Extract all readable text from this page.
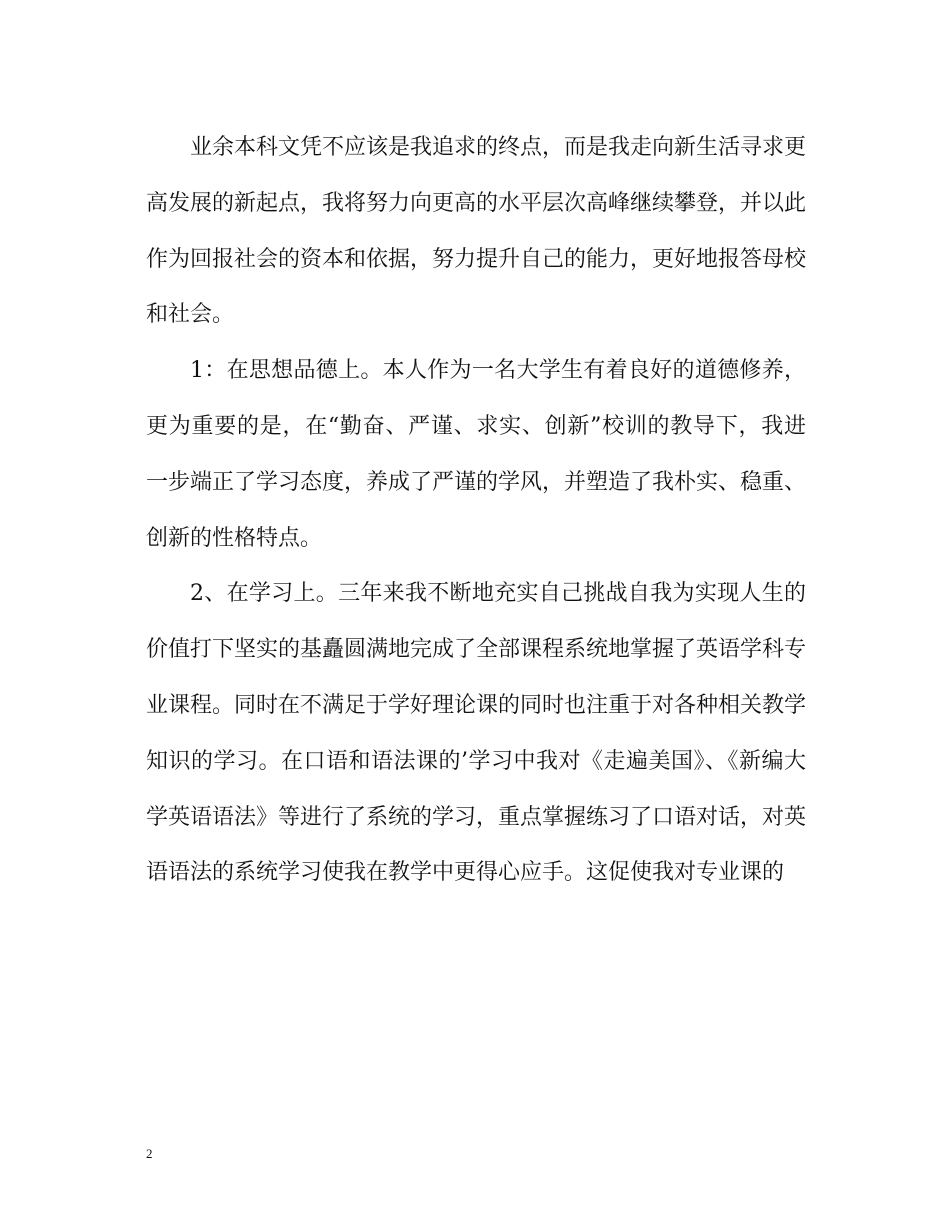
业余本科文凭不应该是我追求的终点，而是我走向新生活寻求更高发展的新起点，我将努力向更高的水平层次高峰继续攀登，并以此作为回报社会的资本和依据，努力提升自己的能力，更好地报答母校和社会。

1：在思想品德上。本人作为一名大学生有着良好的道德修养，更为重要的是，在“勤奋、严谨、求实、创新”校训的教导下，我进一步端正了学习态度，养成了严谨的学风，并塑造了我朴实、稳重、创新的性格特点。

2、在学习上。三年来我不断地充实自己挑战自我为实现人生的价值打下坚实的基矗圆满地完成了全部课程系统地掌握了英语学科专业课程。同时在不满足于学好理论课的同时也注重于对各种相关教学知识的学习。在口语和语法课的’学习中我对《走遍美国》、《新编大学英语语法》等进行了系统的学习，重点掌握练习了口语对话，对英语语法的系统学习使我在教学中更得心应手。这促使我对专业课的

2
